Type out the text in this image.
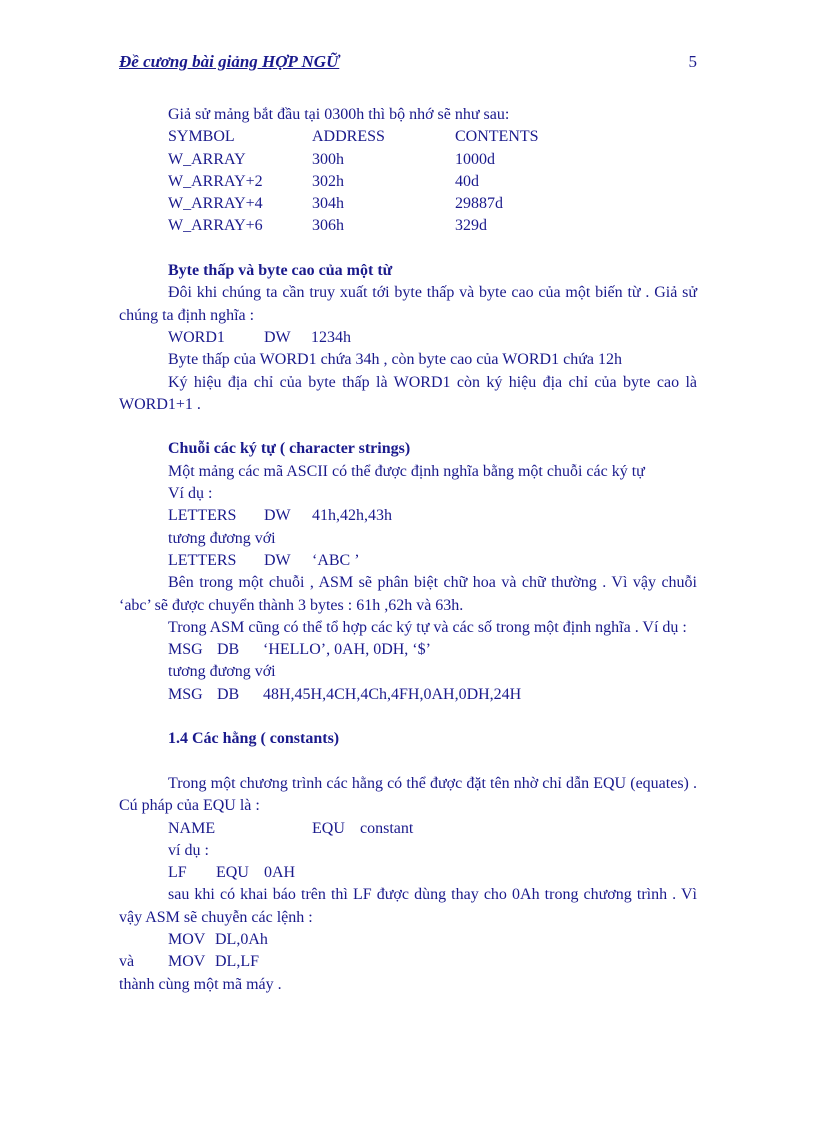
Đề cương bài giảng HỢP NGỮ	5
Giả sử mảng bắt đầu tại 0300h thì bộ nhớ sẽ như sau:
SYMBOL	ADDRESS	CONTENTS
W_ARRAY	300h	1000d
W_ARRAY+2	302h	40d
W_ARRAY+4	304h	29887d
W_ARRAY+6	306h	329d
Byte thấp và byte cao của một từ
Đôi khi chúng ta cần truy xuất tới byte thấp và byte cao của một biến từ . Giả sử chúng ta định nghĩa :
WORD1	DW	1234h
Byte thấp của WORD1 chứa 34h , còn byte cao của WORD1 chứa 12h
Ký hiệu địa chỉ của byte thấp là WORD1 còn ký hiệu địa chỉ của byte cao là WORD1+1 .
Chuỗi các ký tự ( character strings)
Một mảng các mã ASCII có thể được định nghĩa bằng một chuỗi các ký tự
Ví dụ :
LETTERS	DW	41h,42h,43h
tương đương với
LETTERS	DW	‘ABC ’
Bên trong một chuỗi , ASM sẽ phân biệt chữ hoa và chữ thường . Vì vậy chuỗi ‘abc’ sẽ được chuyển thành 3 bytes : 61h ,62h và 63h.
Trong ASM cũng có thể tổ hợp các ký tự và các số trong một định nghĩa . Ví dụ :
MSG DB	‘HELLO’, 0AH, 0DH, ‘$’
tương đương với
MSG DB	48H,45H,4CH,4Ch,4FH,0AH,0DH,24H
1.4 Các hằng ( constants)
Trong một chương trình các hằng có thể được đặt tên nhờ chỉ dẫn EQU (equates) . Cú pháp của EQU là :
NAME	EQU constant
ví dụ :
LF	EQU 0AH
sau khi có khai báo trên thì LF được dùng thay cho 0Ah trong chương trình . Vì vậy ASM sẽ chuyễn các lệnh :
MOV DL,0Ah
và	MOV DL,LF
thành cùng một mã máy .
